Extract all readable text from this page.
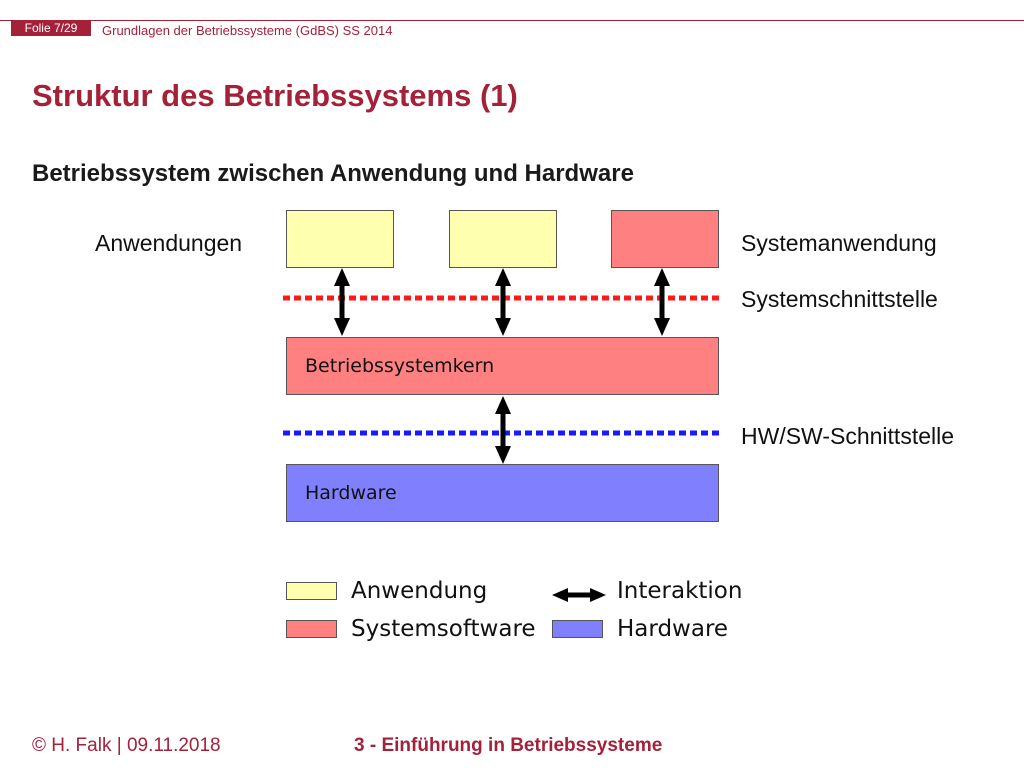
Folie 7/29	Grundlagen der Betriebssysteme (GdBS) SS 2014
Struktur des Betriebssystems (1)
Betriebssystem zwischen Anwendung und Hardware
Betriebssystemkern
Hardware
Anwendungen	Systemanwendung
Systemschnittstelle
HW/SW-Schnittstelle
Anwendung	Interaktion
Systemsoftware	Hardware
© H. Falk | 09.11.2018	3 - Einführung in Betriebssysteme
